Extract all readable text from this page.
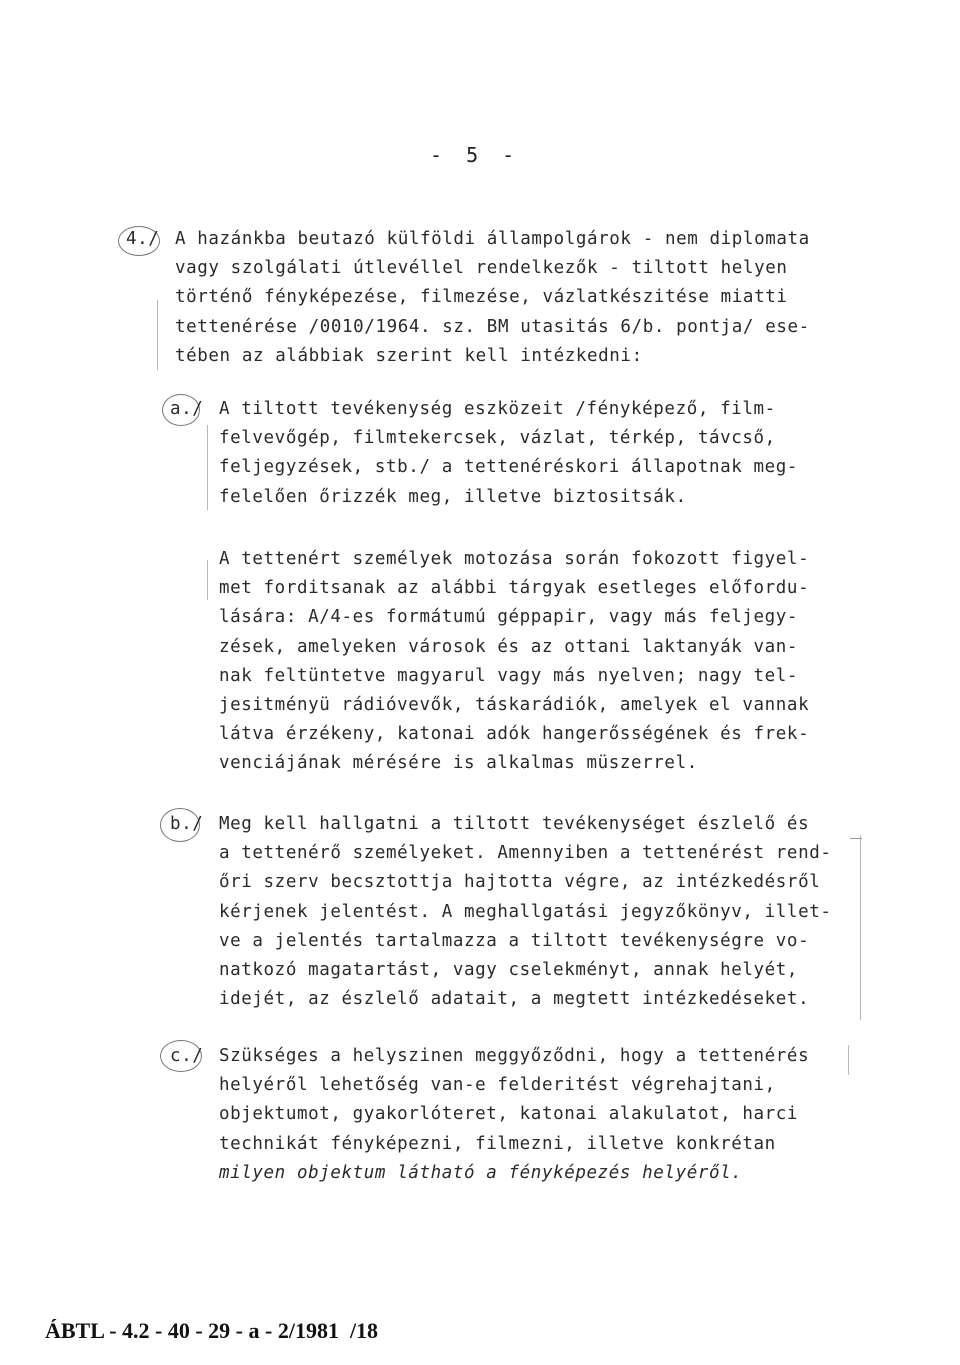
- 5 -
4./ A hazánkba beutazó külföldi állampolgárok - nem diplomata
vagy szolgálati útlevéllel rendelkezők - tiltott helyen
történő fényképezése, filmezése, vázlatkészitése miatti
tettenérése /0010/1964. sz. BM utasitás 6/b. pontja/ ese-
tében az alábbiak szerint kell intézkedni:
a./ A tiltott tevékenység eszközeit /fényképező, film-
felvevőgép, filmtekercsek, vázlat, térkép, távcső,
feljegyzések, stb./ a tettenéréskori állapotnak meg-
felelően őrizzék meg, illetve biztositsák.
A tettenért személyek motozása során fokozott figyel-
met forditsanak az alábbi tárgyak esetleges előfordu-
lására: A/4-es formátumú géppapir, vagy más feljegy-
zések, amelyeken városok és az ottani laktanyák van-
nak feltüntetve magyarul vagy más nyelven; nagy tel-
jesitményü rádióvevők, táskarádiók, amelyek el vannak
látva érzékeny, katonai adók hangerősségének és frek-
venciájának mérésére is alkalmas müszerrel.
b./ Meg kell hallgatni a tiltott tevékenységet észlelő és
a tettenérő személyeket. Amennyiben a tettenérést rend-
őri szerv becsztottja hajtotta végre, az intézkedésről
kérjenek jelentést. A meghallgatási jegyzőkönyv, illet-
ve a jelentés tartalmazza a tiltott tevékenységre vo-
natkozó magatartást, vagy cselekményt, annak helyét,
idejét, az észlelő adatait, a megtett intézkedéseket.
c./ Szükséges a helyszinen meggyőződni, hogy a tettenérés
helyéről lehetőség van-e felderitést végrehajtani,
objektumot, gyakorlóteret, katonai alakulatot, harci
technikát fényképezni, filmezni, illetve konkrétan
milyen objektum látható a fényképezés helyéről.
ÁBTL - 4.2 - 40 - 29 - a - 2/1981  /18
